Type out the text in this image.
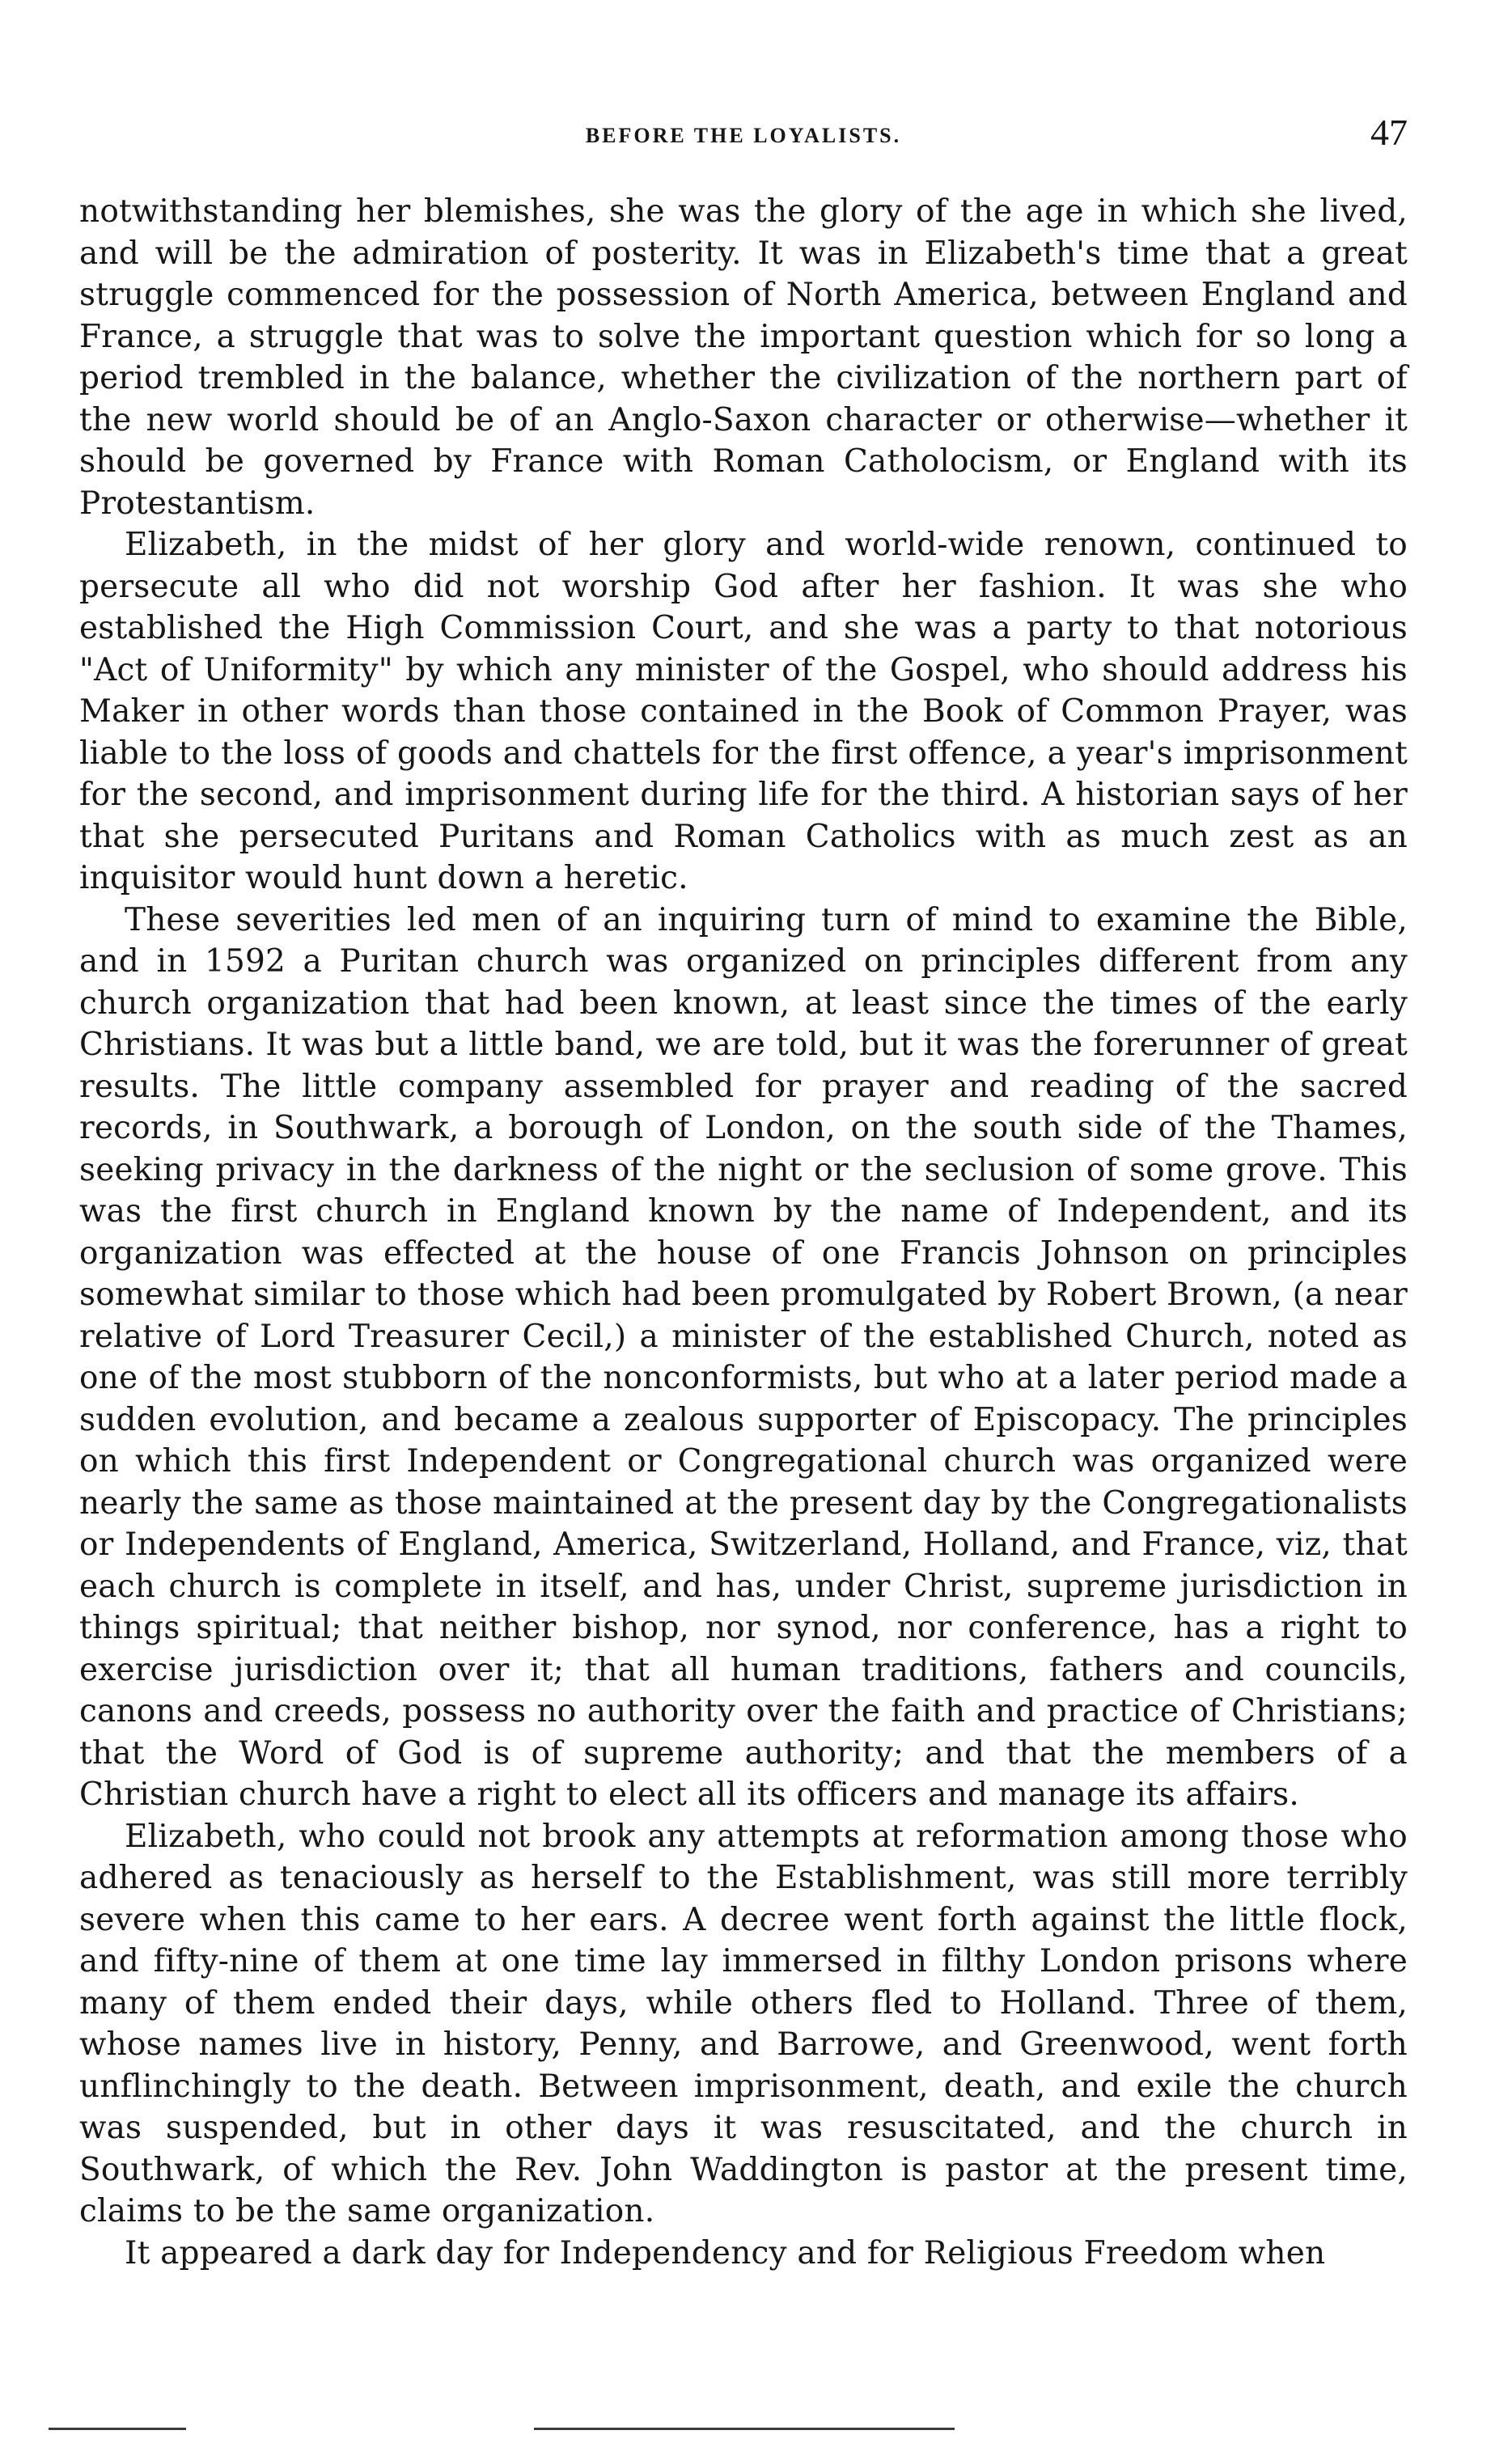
BEFORE THE LOYALISTS.	47

notwithstanding her blemishes, she was the glory of the age in which she lived, and will be the admiration of posterity. It was in Elizabeth's time that a great struggle commenced for the possession of North America, between England and France, a struggle that was to solve the important question which for so long a period trembled in the balance, whether the civilization of the northern part of the new world should be of an Anglo-Saxon character or otherwise—whether it should be governed by France with Roman Catholocism, or England with its Protestantism.

Elizabeth, in the midst of her glory and world-wide renown, continued to persecute all who did not worship God after her fashion. It was she who established the High Commission Court, and she was a party to that notorious "Act of Uniformity" by which any minister of the Gospel, who should address his Maker in other words than those contained in the Book of Common Prayer, was liable to the loss of goods and chattels for the first offence, a year's imprisonment for the second, and imprisonment during life for the third. A historian says of her that she persecuted Puritans and Roman Catholics with as much zest as an inquisitor would hunt down a heretic.

These severities led men of an inquiring turn of mind to examine the Bible, and in 1592 a Puritan church was organized on principles different from any church organization that had been known, at least since the times of the early Christians. It was but a little band, we are told, but it was the forerunner of great results. The little company assembled for prayer and reading of the sacred records, in Southwark, a borough of London, on the south side of the Thames, seeking privacy in the darkness of the night or the seclusion of some grove. This was the first church in England known by the name of Independent, and its organization was effected at the house of one Francis Johnson on principles somewhat similar to those which had been promulgated by Robert Brown, (a near relative of Lord Treasurer Cecil,) a minister of the established Church, noted as one of the most stubborn of the nonconformists, but who at a later period made a sudden evolution, and became a zealous supporter of Episcopacy. The principles on which this first Independent or Congregational church was organized were nearly the same as those maintained at the present day by the Congregationalists or Independents of England, America, Switzerland, Holland, and France, viz, that each church is complete in itself, and has, under Christ, supreme jurisdiction in things spiritual; that neither bishop, nor synod, nor conference, has a right to exercise jurisdiction over it; that all human traditions, fathers and councils, canons and creeds, possess no authority over the faith and practice of Christians; that the Word of God is of supreme authority; and that the members of a Christian church have a right to elect all its officers and manage its affairs.

Elizabeth, who could not brook any attempts at reformation among those who adhered as tenaciously as herself to the Establishment, was still more terribly severe when this came to her ears. A decree went forth against the little flock, and fifty-nine of them at one time lay immersed in filthy London prisons where many of them ended their days, while others fled to Holland. Three of them, whose names live in history, Penny, and Barrowe, and Greenwood, went forth unflinchingly to the death. Between imprisonment, death, and exile the church was suspended, but in other days it was resuscitated, and the church in Southwark, of which the Rev. John Waddington is pastor at the present time, claims to be the same organization.

It appeared a dark day for Independency and for Religious Freedom when
